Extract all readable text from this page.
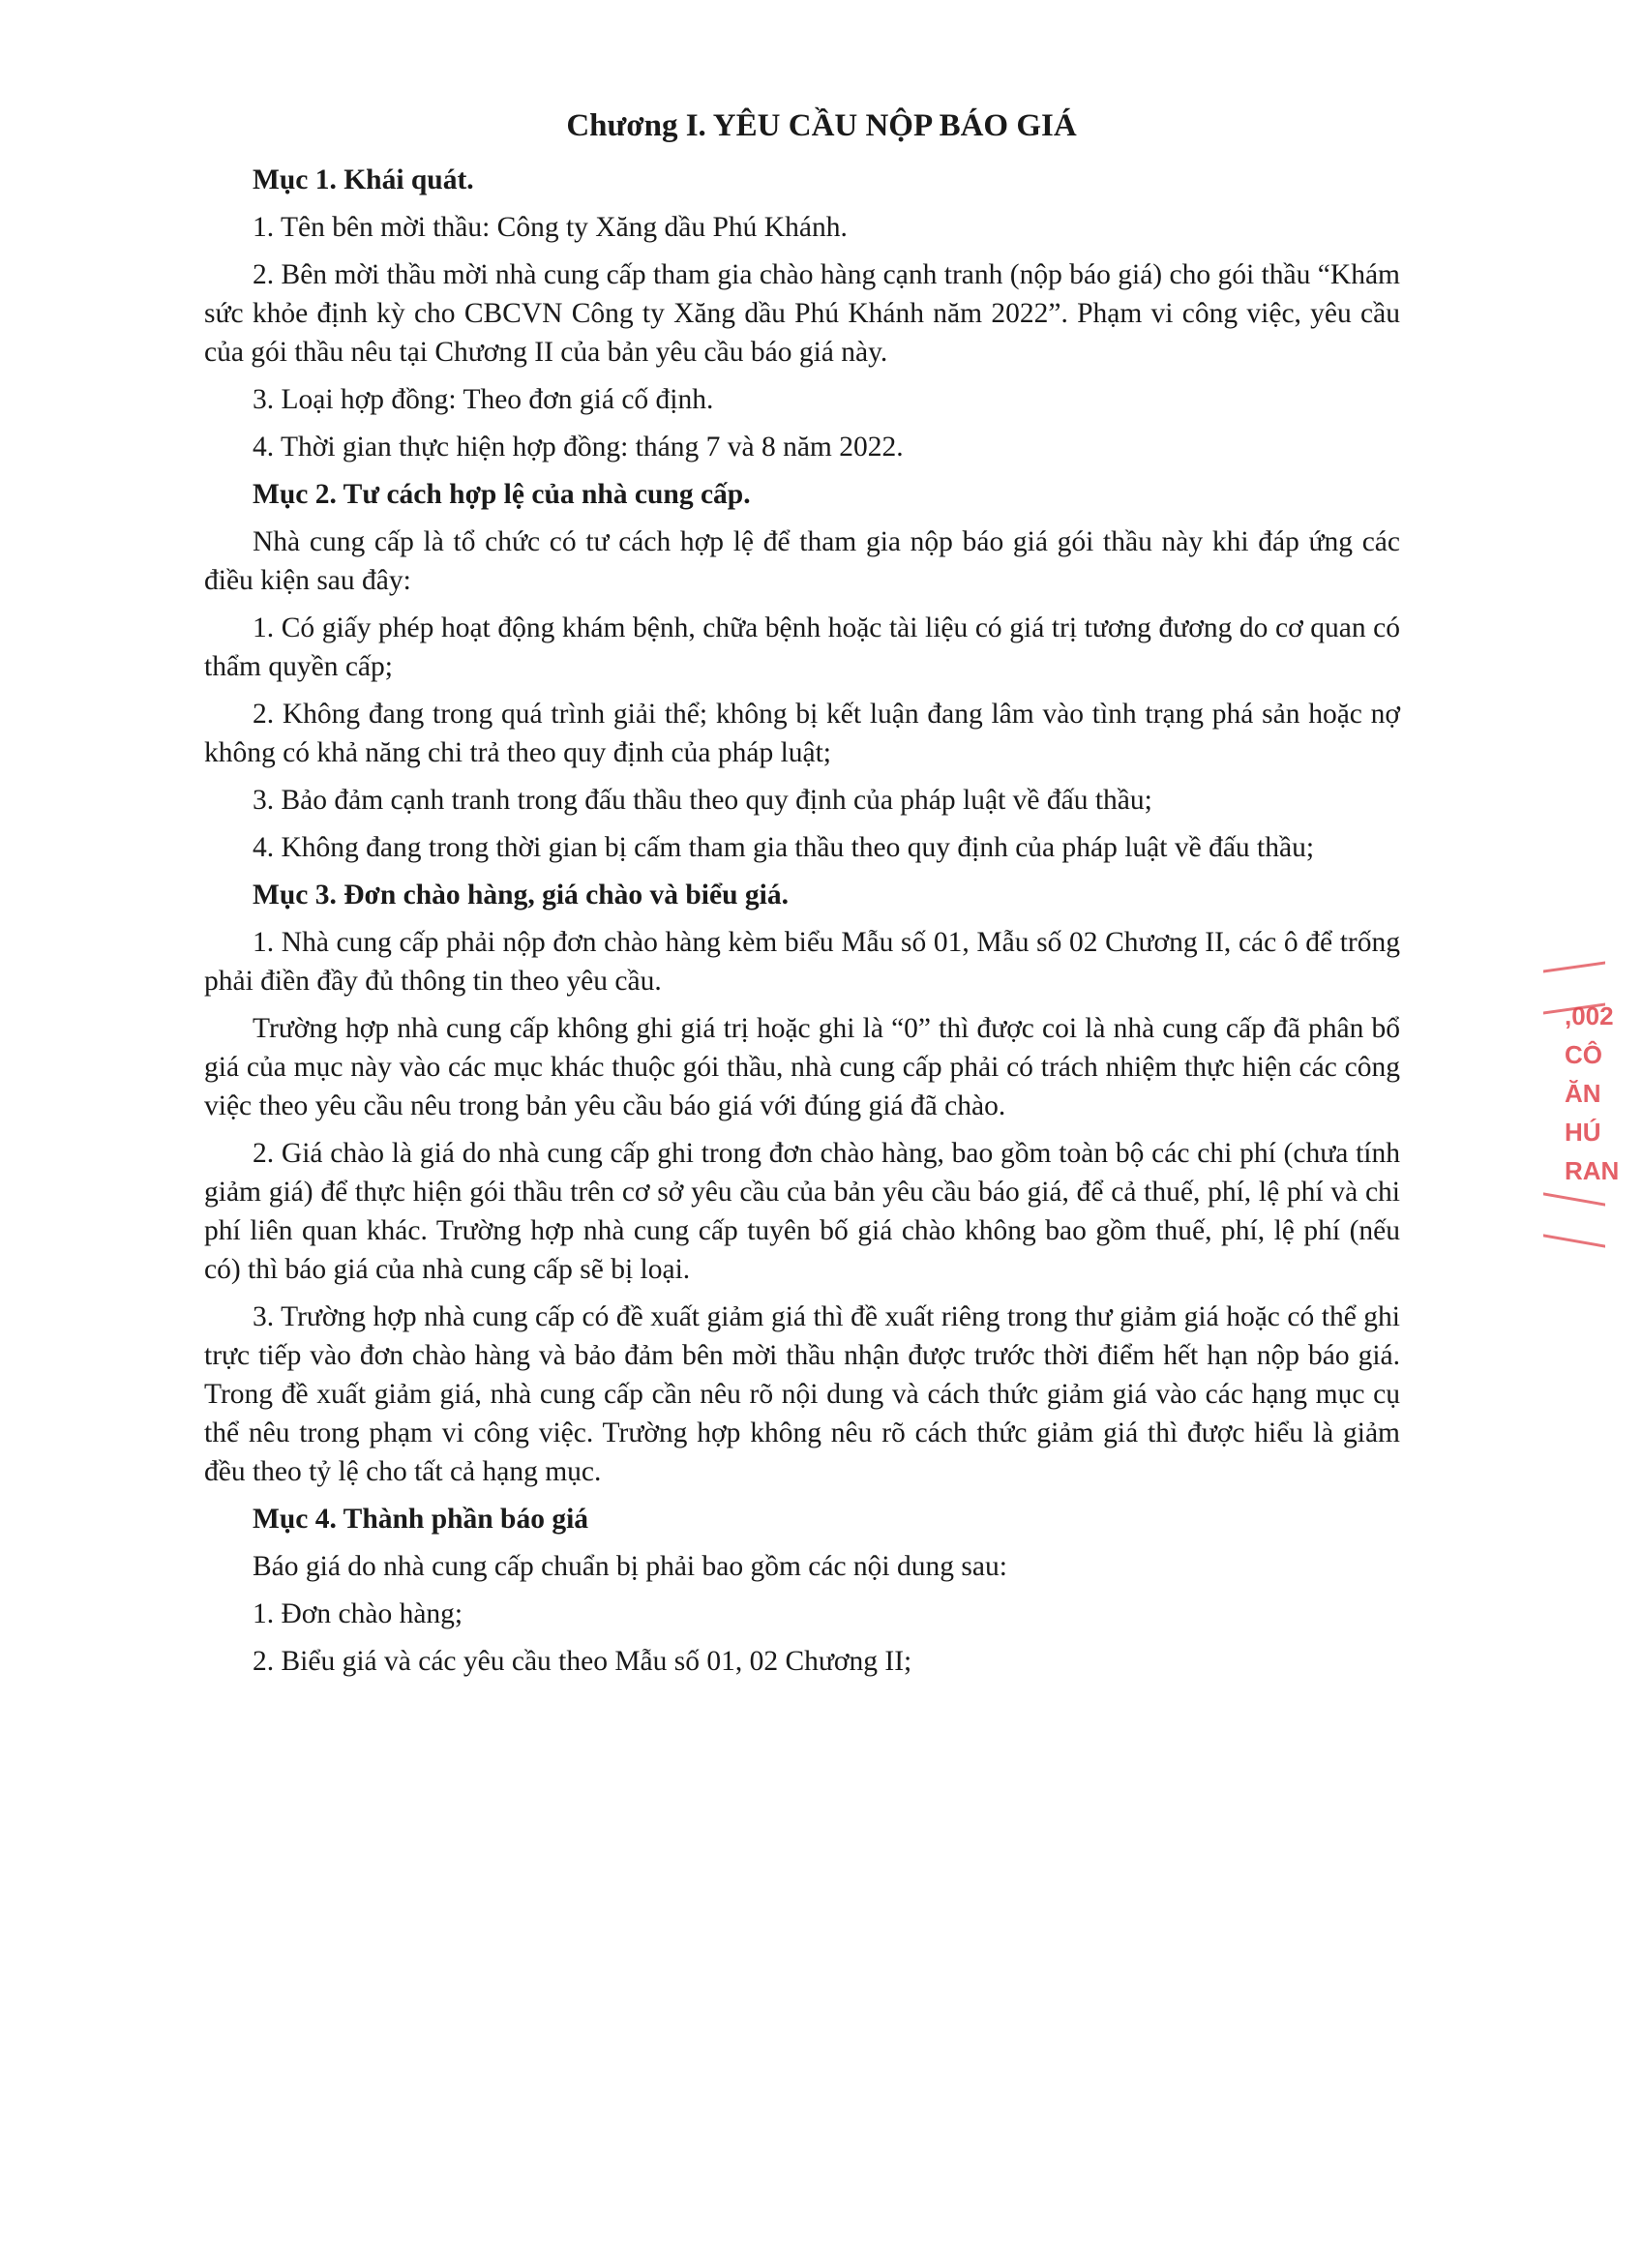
Chương I. YÊU CẦU NỘP BÁO GIÁ
Mục 1. Khái quát.
1. Tên bên mời thầu: Công ty Xăng dầu Phú Khánh.
2. Bên mời thầu mời nhà cung cấp tham gia chào hàng cạnh tranh (nộp báo giá) cho gói thầu “Khám sức khỏe định kỳ cho CBCVN Công ty Xăng dầu Phú Khánh năm 2022”. Phạm vi công việc, yêu cầu của gói thầu nêu tại Chương II của bản yêu cầu báo giá này.
3. Loại hợp đồng: Theo đơn giá cố định.
4. Thời gian thực hiện hợp đồng: tháng 7 và 8 năm 2022.
Mục 2. Tư cách hợp lệ của nhà cung cấp.
Nhà cung cấp là tổ chức có tư cách hợp lệ để tham gia nộp báo giá gói thầu này khi đáp ứng các điều kiện sau đây:
1. Có giấy phép hoạt động khám bệnh, chữa bệnh hoặc tài liệu có giá trị tương đương do cơ quan có thẩm quyền cấp;
2. Không đang trong quá trình giải thể; không bị kết luận đang lâm vào tình trạng phá sản hoặc nợ không có khả năng chi trả theo quy định của pháp luật;
3. Bảo đảm cạnh tranh trong đấu thầu theo quy định của pháp luật về đấu thầu;
4. Không đang trong thời gian bị cấm tham gia thầu theo quy định của pháp luật về đấu thầu;
Mục 3. Đơn chào hàng, giá chào và biểu giá.
1. Nhà cung cấp phải nộp đơn chào hàng kèm biểu Mẫu số 01, Mẫu số 02 Chương II, các ô để trống phải điền đầy đủ thông tin theo yêu cầu.
Trường hợp nhà cung cấp không ghi giá trị hoặc ghi là “0” thì được coi là nhà cung cấp đã phân bổ giá của mục này vào các mục khác thuộc gói thầu, nhà cung cấp phải có trách nhiệm thực hiện các công việc theo yêu cầu nêu trong bản yêu cầu báo giá với đúng giá đã chào.
2. Giá chào là giá do nhà cung cấp ghi trong đơn chào hàng, bao gồm toàn bộ các chi phí (chưa tính giảm giá) để thực hiện gói thầu trên cơ sở yêu cầu của bản yêu cầu báo giá, để cả thuế, phí, lệ phí và chi phí liên quan khác. Trường hợp nhà cung cấp tuyên bố giá chào không bao gồm thuế, phí, lệ phí (nếu có) thì báo giá của nhà cung cấp sẽ bị loại.
3. Trường hợp nhà cung cấp có đề xuất giảm giá thì đề xuất riêng trong thư giảm giá hoặc có thể ghi trực tiếp vào đơn chào hàng và bảo đảm bên mời thầu nhận được trước thời điểm hết hạn nộp báo giá. Trong đề xuất giảm giá, nhà cung cấp cần nêu rõ nội dung và cách thức giảm giá vào các hạng mục cụ thể nêu trong phạm vi công việc. Trường hợp không nêu rõ cách thức giảm giá thì được hiểu là giảm đều theo tỷ lệ cho tất cả hạng mục.
Mục 4. Thành phần báo giá
Báo giá do nhà cung cấp chuẩn bị phải bao gồm các nội dung sau:
1. Đơn chào hàng;
2. Biểu giá và các yêu cầu theo Mẫu số 01, 02 Chương II;
,002
CÔ
ĂN
HÚ
RAN
